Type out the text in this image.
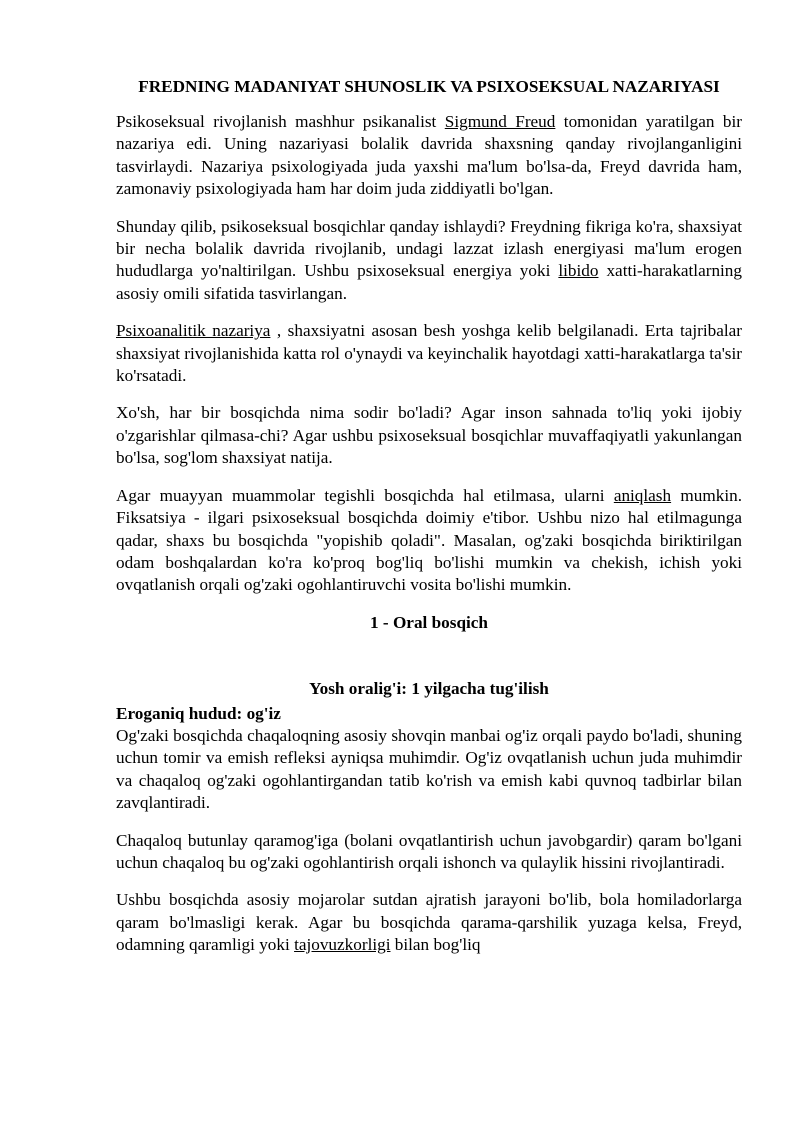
FREDNING MADANIYAT SHUNOSLIK VA PSIXOSEKSUAL NAZARIYASI

Psikoseksual rivojlanish mashhur psikanalist Sigmund Freud tomonidan yaratilgan bir nazariya edi. Uning nazariyasi bolalik davrida shaxsning qanday rivojlanganligini tasvirlaydi. Nazariya psixologiyada juda yaxshi ma'lum bo'lsa-da, Freyd davrida ham, zamonaviy psixologiyada ham har doim juda ziddiyatli bo'lgan.

Shunday qilib, psikoseksual bosqichlar qanday ishlaydi? Freydning fikriga ko'ra, shaxsiyat bir necha bolalik davrida rivojlanib, undagi lazzat izlash energiyasi ma'lum erogen hududlarga yo'naltirilgan. Ushbu psixoseksual energiya yoki libido xatti-harakatlarning asosiy omili sifatida tasvirlangan.

Psixoanalitik nazariya , shaxsiyatni asosan besh yoshga kelib belgilanadi. Erta tajribalar shaxsiyat rivojlanishida katta rol o'ynaydi va keyinchalik hayotdagi xatti-harakatlarga ta'sir ko'rsatadi.

Xo'sh, har bir bosqichda nima sodir bo'ladi? Agar inson sahnada to'liq yoki ijobiy o'zgarishlar qilmasa-chi? Agar ushbu psixoseksual bosqichlar muvaffaqiyatli yakunlangan bo'lsa, sog'lom shaxsiyat natija.

Agar muayyan muammolar tegishli bosqichda hal etilmasa, ularni aniqlash mumkin. Fiksatsiya - ilgari psixoseksual bosqichda doimiy e'tibor. Ushbu nizo hal etilmagunga qadar, shaxs bu bosqichda "yopishib qoladi". Masalan, og'zaki bosqichda biriktirilgan odam boshqalardan ko'ra ko'proq bog'liq bo'lishi mumkin va chekish, ichish yoki ovqatlanish orqali og'zaki ogohlantiruvchi vosita bo'lishi mumkin.

1 - Oral bosqich
Yosh oralig'i: 1 yilgacha tug'ilish
Eroganiq hudud: og'iz

Og'zaki bosqichda chaqaloqning asosiy shovqin manbai og'iz orqali paydo bo'ladi, shuning uchun tomir va emish refleksi ayniqsa muhimdir. Og'iz ovqatlanish uchun juda muhimdir va chaqaloq og'zaki ogohlantirgandan tatib ko'rish va emish kabi quvnoq tadbirlar bilan zavqlantiradi.

Chaqaloq butunlay qaramog'iga (bolani ovqatlantirish uchun javobgardir) qaram bo'lgani uchun chaqaloq bu og'zaki ogohlantirish orqali ishonch va qulaylik hissini rivojlantiradi.

Ushbu bosqichda asosiy mojarolar sutdan ajratish jarayoni bo'lib, bola homiladorlarga qaram bo'lmasligi kerak. Agar bu bosqichda qarama-qarshilik yuzaga kelsa, Freyd, odamning qaramligi yoki tajovuzkorligi bilan bog'liq
